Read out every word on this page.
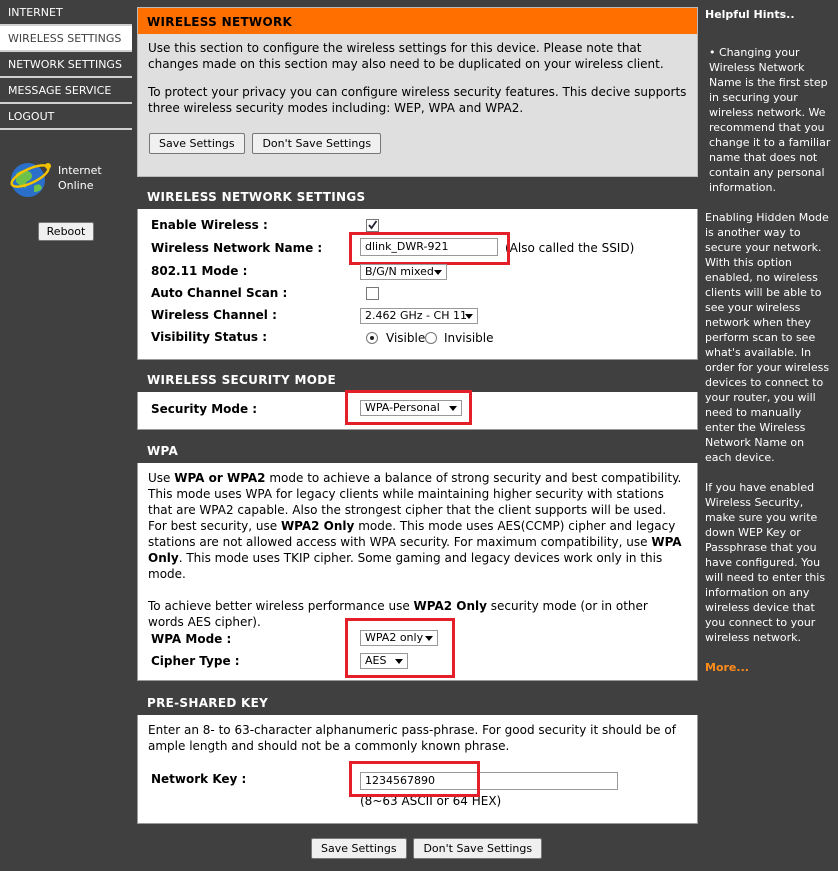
INTERNET
WIRELESS SETTINGS
NETWORK SETTINGS
MESSAGE SERVICE
LOGOUT
Internet
Online
Reboot
WIRELESS NETWORK
Use this section to configure the wireless settings for this device. Please note that changes made on this section may also need to be duplicated on your wireless client.
To protect your privacy you can configure wireless security features. This decive supports three wireless security modes including: WEP, WPA and WPA2.
Save Settings	Don't Save Settings
WIRELESS NETWORK SETTINGS
Enable Wireless :
Wireless Network Name :	dlink_DWR-921	(Also called the SSID)
802.11 Mode :	B/G/N mixed
Auto Channel Scan :
Wireless Channel :	2.462 GHz - CH 11
Visibility Status :	Visible Invisible
WIRELESS SECURITY MODE
Security Mode :	WPA-Personal
WPA
Use WPA or WPA2 mode to achieve a balance of strong security and best compatibility. This mode uses WPA for legacy clients while maintaining higher security with stations that are WPA2 capable. Also the strongest cipher that the client supports will be used. For best security, use WPA2 Only mode. This mode uses AES(CCMP) cipher and legacy stations are not allowed access with WPA security. For maximum compatibility, use WPA Only. This mode uses TKIP cipher. Some gaming and legacy devices work only in this mode.
To achieve better wireless performance use WPA2 Only security mode (or in other words AES cipher).
WPA Mode :	WPA2 only
Cipher Type :	AES
PRE-SHARED KEY
Enter an 8- to 63-character alphanumeric pass-phrase. For good security it should be of ample length and should not be a commonly known phrase.
Network Key :	1234567890
(8~63 ASCII or 64 HEX)
Save Settings Don't Save Settings
Helpful Hints..

• Changing your Wireless Network Name is the first step in securing your wireless network. We recommend that you change it to a familiar name that does not contain any personal information.

Enabling Hidden Mode is another way to secure your network. With this option enabled, no wireless clients will be able to see your wireless network when they perform scan to see what's available. In order for your wireless devices to connect to your router, you will need to manually enter the Wireless Network Name on each device.

If you have enabled Wireless Security, make sure you write down WEP Key or Passphrase that you have configured. You will need to enter this information on any wireless device that you connect to your wireless network.

More...
